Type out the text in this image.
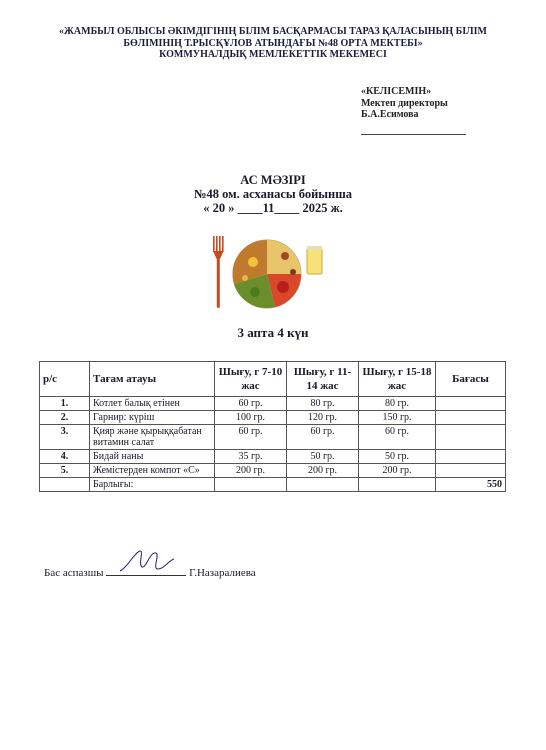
«ЖАМБЫЛ ОБЛЫСЫ ӘКІМДІГІНІҢ БІЛІМ БАСҚАРМАСЫ ТАРАЗ ҚАЛАСЫНЫҢ БІЛІМ
БӨЛІМІНІҢ Т.РЫСҚҰЛОВ АТЫНДАҒЫ №48 ОРТА МЕКТЕБІ»
КОММУНАЛДЫҚ МЕМЛЕКЕТТІК МЕКЕМЕСІ
«КЕЛІСЕМІН»
Мектеп директоры
Б.А.Есимова
АС МӘЗІРІ
№48 ом. асханасы бойынша
« 20 » ____11____ 2025 ж.
3 апта 4 күн
р/с	Тағам атауы	Шығу, г 7-10 жас	Шығу, г 11-14 жас	Шығу, г 15-18 жас	Бағасы
1.	Котлет балық етінен	60 гр.	80 гр.	80 гр.	
2.	Гарнир: күріш	100 гр.	120 гр.	150 гр.	
3.	Қияр және қырыққабатан витамин салат	60 гр.	60 гр.	60 гр.	
4.	Бидай наны	35 гр.	50 гр.	50 гр.	
5.	Жемістерден компот «С»	200 гр.	200 гр.	200 гр.	
	Барлығы:				550
Бас аспазшы	Г.Назаралиева
